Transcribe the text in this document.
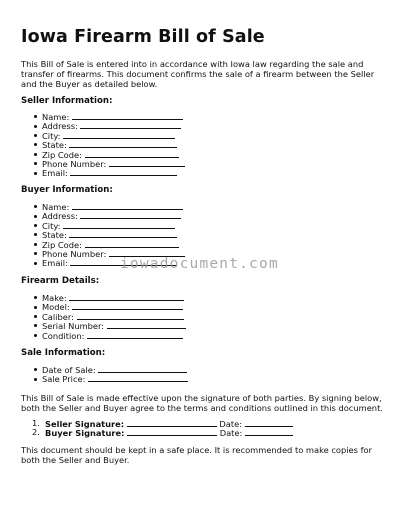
Iowa Firearm Bill of Sale

This Bill of Sale is entered into in accordance with Iowa law regarding the sale and transfer of firearms. This document confirms the sale of a firearm between the Seller and the Buyer as detailed below.

Seller Information:
Name:
Address:
City:
State:
Zip Code:
Phone Number:
Email:
Buyer Information:
Name:
Address:
City:
State:
Zip Code:
Phone Number:
Email:
Firearm Details:
Make:
Model:
Caliber:
Serial Number:
Condition:
Sale Information:
Date of Sale:
Sale Price:

This Bill of Sale is made effective upon the signature of both parties. By signing below, both the Seller and Buyer agree to the terms and conditions outlined in this document.

1. Seller Signature:	Date:
2. Buyer Signature:	Date:

This document should be kept in a safe place. It is recommended to make copies for both the Seller and Buyer.

iowadocument.com
